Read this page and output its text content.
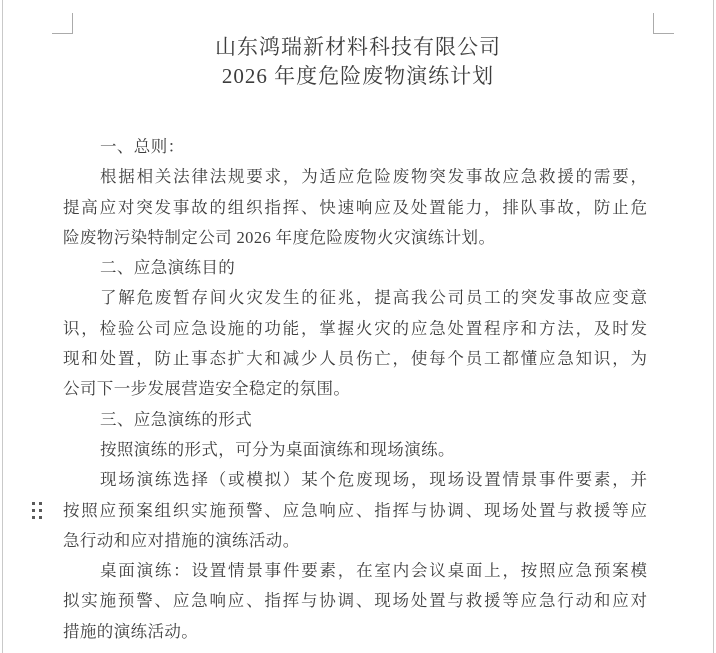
山东鸿瑞新材料科技有限公司
2026 年度危险废物演练计划
一、总则：
根据相关法律法规要求，为适应危险废物突发事故应急救援的需要，
提高应对突发事故的组织指挥、快速响应及处置能力，排队事故，防止危
险废物污染特制定公司 2026 年度危险废物火灾演练计划。
二、应急演练目的
了解危废暂存间火灾发生的征兆，提高我公司员工的突发事故应变意
识，检验公司应急设施的功能，掌握火灾的应急处置程序和方法，及时发
现和处置，防止事态扩大和减少人员伤亡，使每个员工都懂应急知识，为
公司下一步发展营造安全稳定的氛围。
三、应急演练的形式
按照演练的形式，可分为桌面演练和现场演练。
现场演练选择（或模拟）某个危废现场，现场设置情景事件要素，并
按照应预案组织实施预警、应急响应、指挥与协调、现场处置与救援等应
急行动和应对措施的演练活动。
桌面演练：设置情景事件要素，在室内会议桌面上，按照应急预案模
拟实施预警、应急响应、指挥与协调、现场处置与救援等应急行动和应对
措施的演练活动。
